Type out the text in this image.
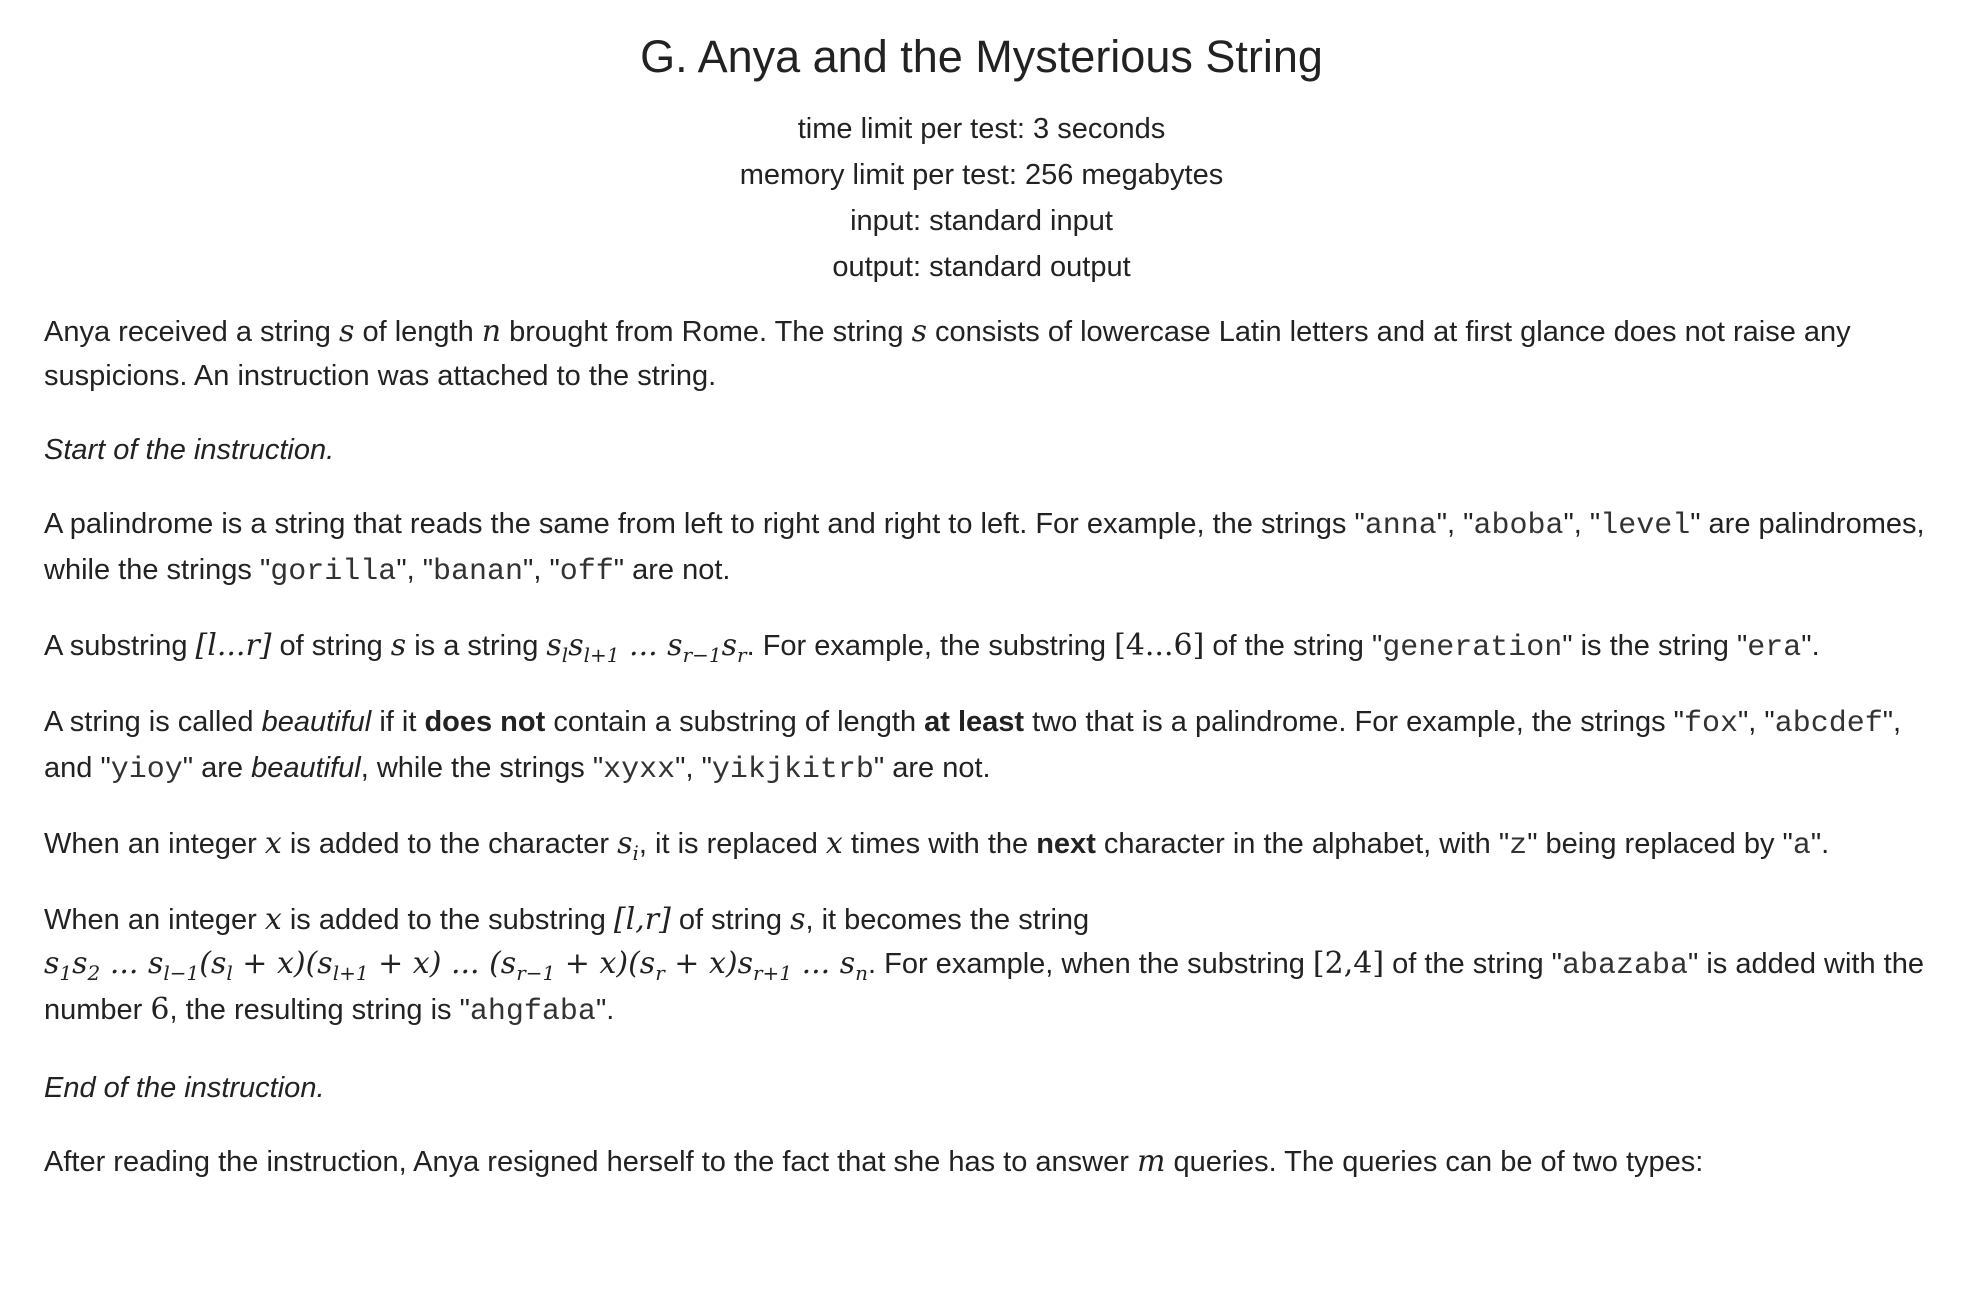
G. Anya and the Mysterious String
time limit per test: 3 seconds
memory limit per test: 256 megabytes
input: standard input
output: standard output

Anya received a string s of length n brought from Rome. The string s consists of lowercase Latin letters and at first glance does not raise any suspicions. An instruction was attached to the string.

Start of the instruction.

A palindrome is a string that reads the same from left to right and right to left. For example, the strings "anna", "aboba", "level" are palindromes, while the strings "gorilla", "banan", "off" are not.

A substring [l...r] of string s is a string $s_ls_{l+1}$ ... $s_{r-1}s_r$. For example, the substring [4...6] of the string "generation" is the string "era".

A string is called beautiful if it does not contain a substring of length at least two that is a palindrome. For example, the strings "fox", "abcdef", and "yioy" are beautiful, while the strings "xyxx", "yikjkitrb" are not.

When an integer x is added to the character $s_i$, it is replaced x times with the next character in the alphabet, with "z" being replaced by "a".

When an integer x is added to the substring [l,r] of string s, it becomes the string
$s_1s_2$ ... $s_{l-1}(s_l + x)(s_{l+1} + x)$ ... $(s_{r-1} + x)(s_r + x)s_{r+1}$ ... $s_n$. For example, when the substring [2,4] of the string "abazaba" is added with the number 6, the resulting string is "ahgfaba".

End of the instruction.

After reading the instruction, Anya resigned herself to the fact that she has to answer m queries. The queries can be of two types:
